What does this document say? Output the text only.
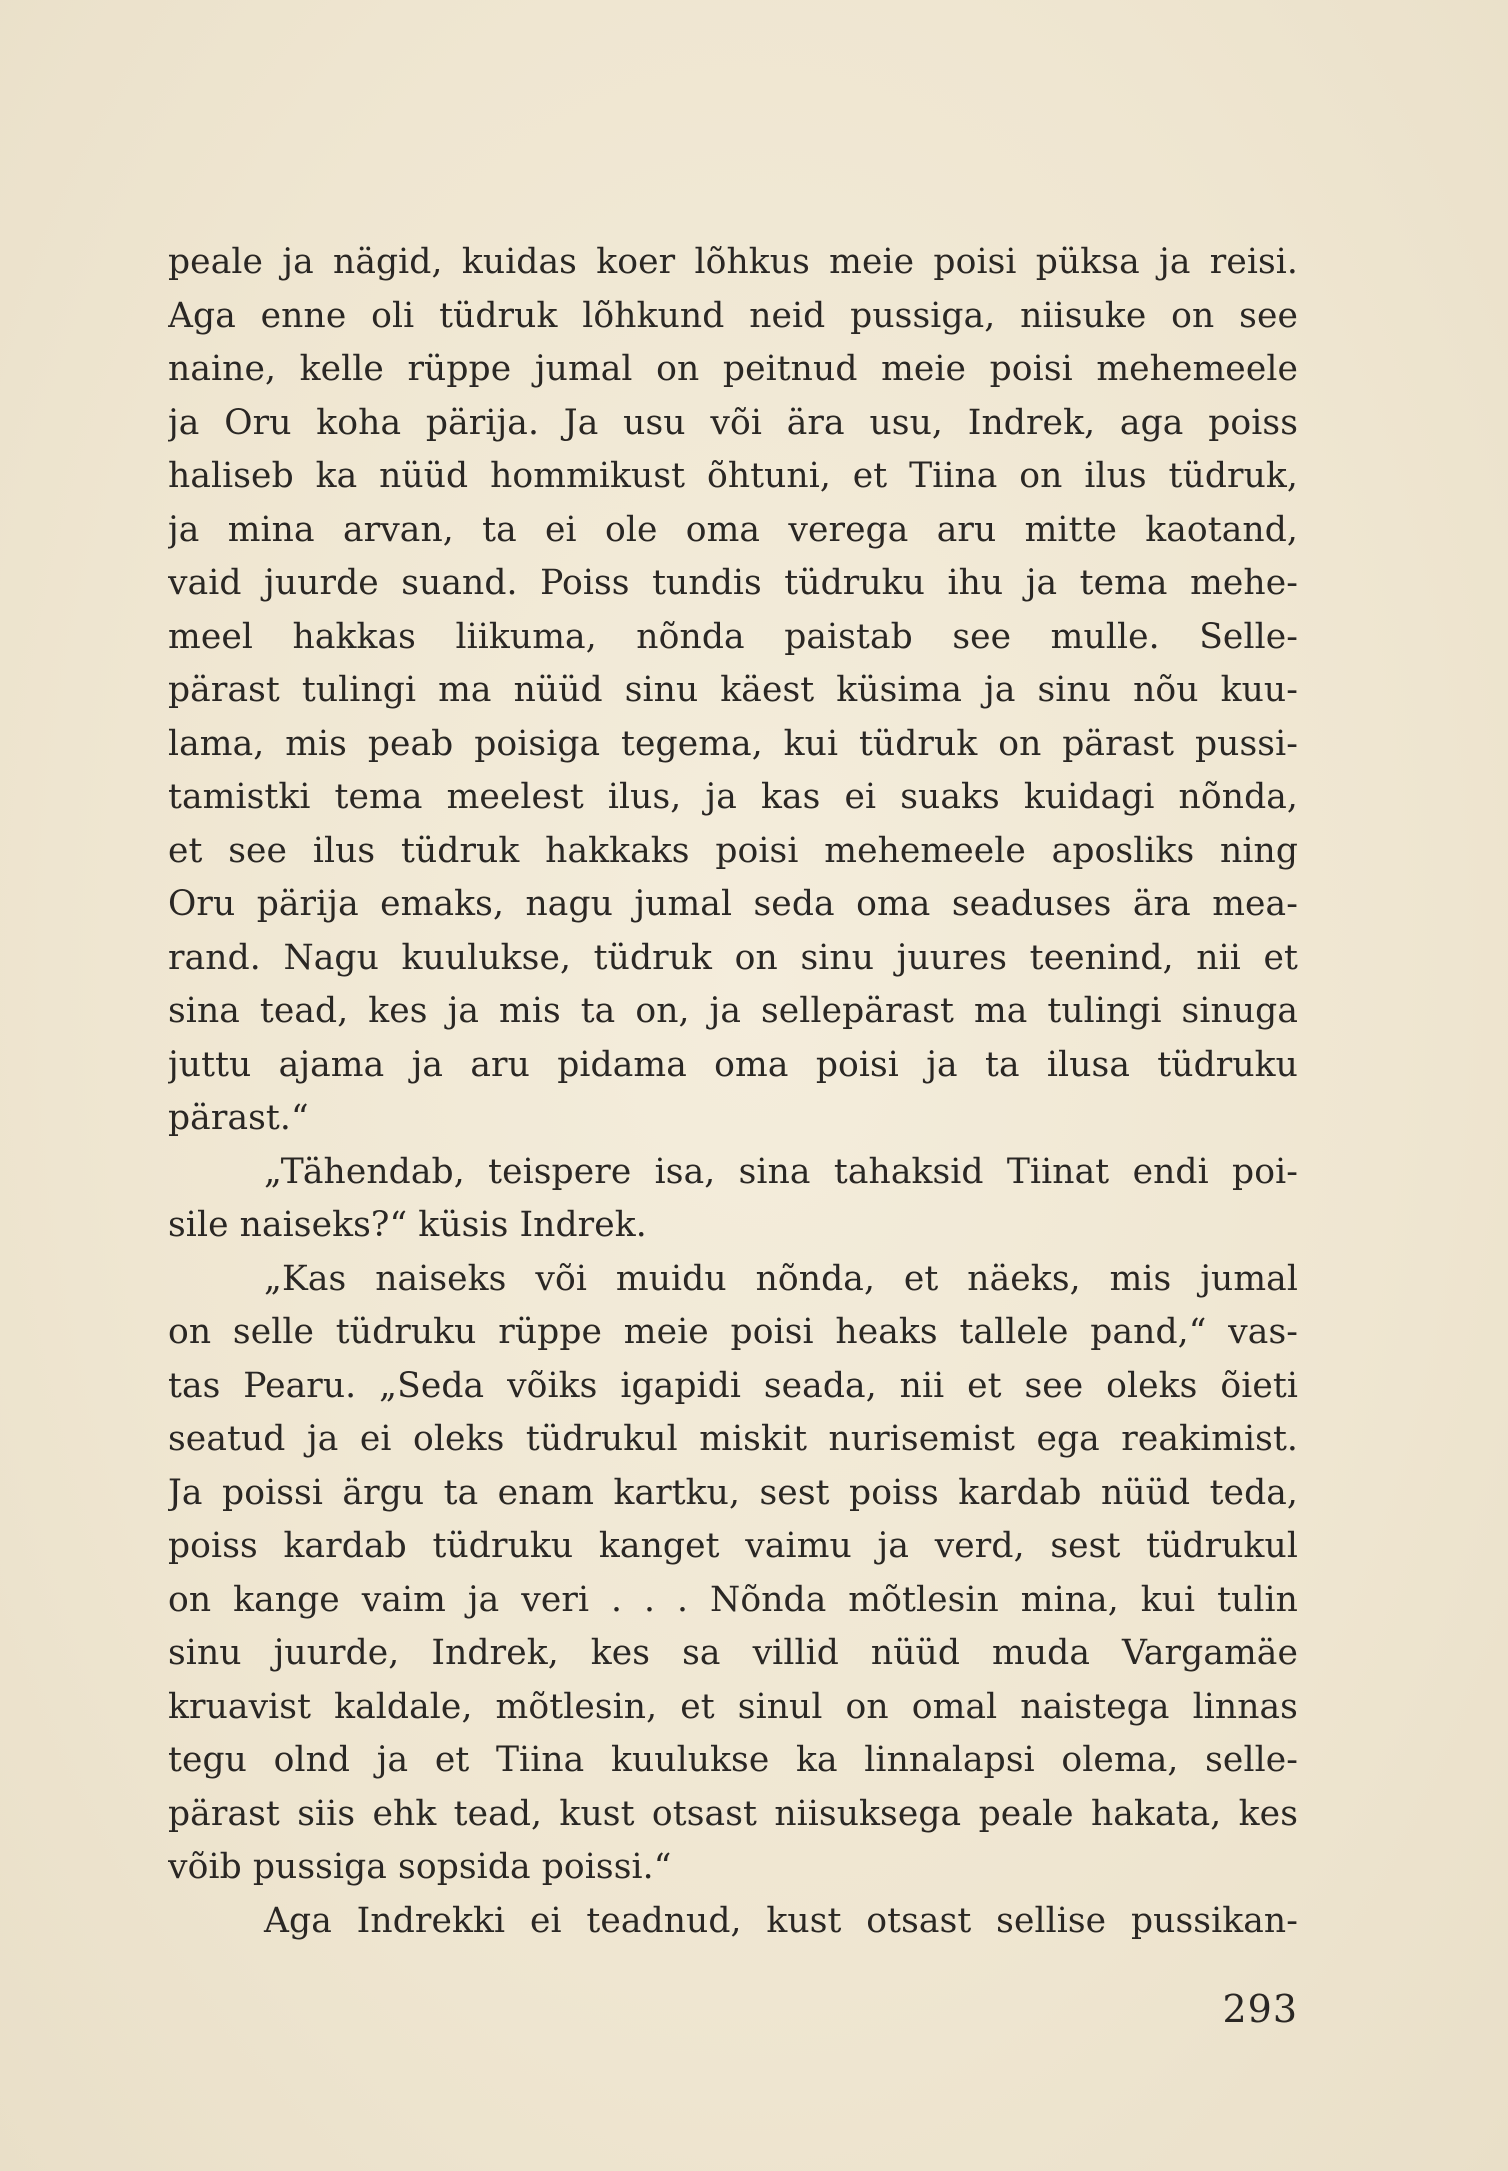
peale ja nägid, kuidas koer lõhkus meie poisi püksa ja reisi.
Aga enne oli tüdruk lõhkund neid pussiga, niisuke on see
naine, kelle rüppe jumal on peitnud meie poisi mehemeele
ja Oru koha pärija. Ja usu või ära usu, Indrek, aga poiss
haliseb ka nüüd hommikust õhtuni, et Tiina on ilus tüdruk,
ja mina arvan, ta ei ole oma verega aru mitte kaotand,
vaid juurde suand. Poiss tundis tüdruku ihu ja tema mehe-
meel hakkas liikuma, nõnda paistab see mulle. Selle-
pärast tulingi ma nüüd sinu käest küsima ja sinu nõu kuu-
lama, mis peab poisiga tegema, kui tüdruk on pärast pussi-
tamistki tema meelest ilus, ja kas ei suaks kuidagi nõnda,
et see ilus tüdruk hakkaks poisi mehemeele aposliks ning
Oru pärija emaks, nagu jumal seda oma seaduses ära mea-
rand. Nagu kuulukse, tüdruk on sinu juures teenind, nii et
sina tead, kes ja mis ta on, ja sellepärast ma tulingi sinuga
juttu ajama ja aru pidama oma poisi ja ta ilusa tüdruku
pärast.“
„Tähendab, teispere isa, sina tahaksid Tiinat endi poi-
sile naiseks?“ küsis Indrek.
„Kas naiseks või muidu nõnda, et näeks, mis jumal
on selle tüdruku rüppe meie poisi heaks tallele pand,“ vas-
tas Pearu. „Seda võiks igapidi seada, nii et see oleks õieti
seatud ja ei oleks tüdrukul miskit nurisemist ega reakimist.
Ja poissi ärgu ta enam kartku, sest poiss kardab nüüd teda,
poiss kardab tüdruku kanget vaimu ja verd, sest tüdrukul
on kange vaim ja veri . . . Nõnda mõtlesin mina, kui tulin
sinu juurde, Indrek, kes sa villid nüüd muda Vargamäe
kruavist kaldale, mõtlesin, et sinul on omal naistega linnas
tegu olnd ja et Tiina kuulukse ka linnalapsi olema, selle-
pärast siis ehk tead, kust otsast niisuksega peale hakata, kes
võib pussiga sopsida poissi.“
Aga Indrekki ei teadnud, kust otsast sellise pussikan-
293
